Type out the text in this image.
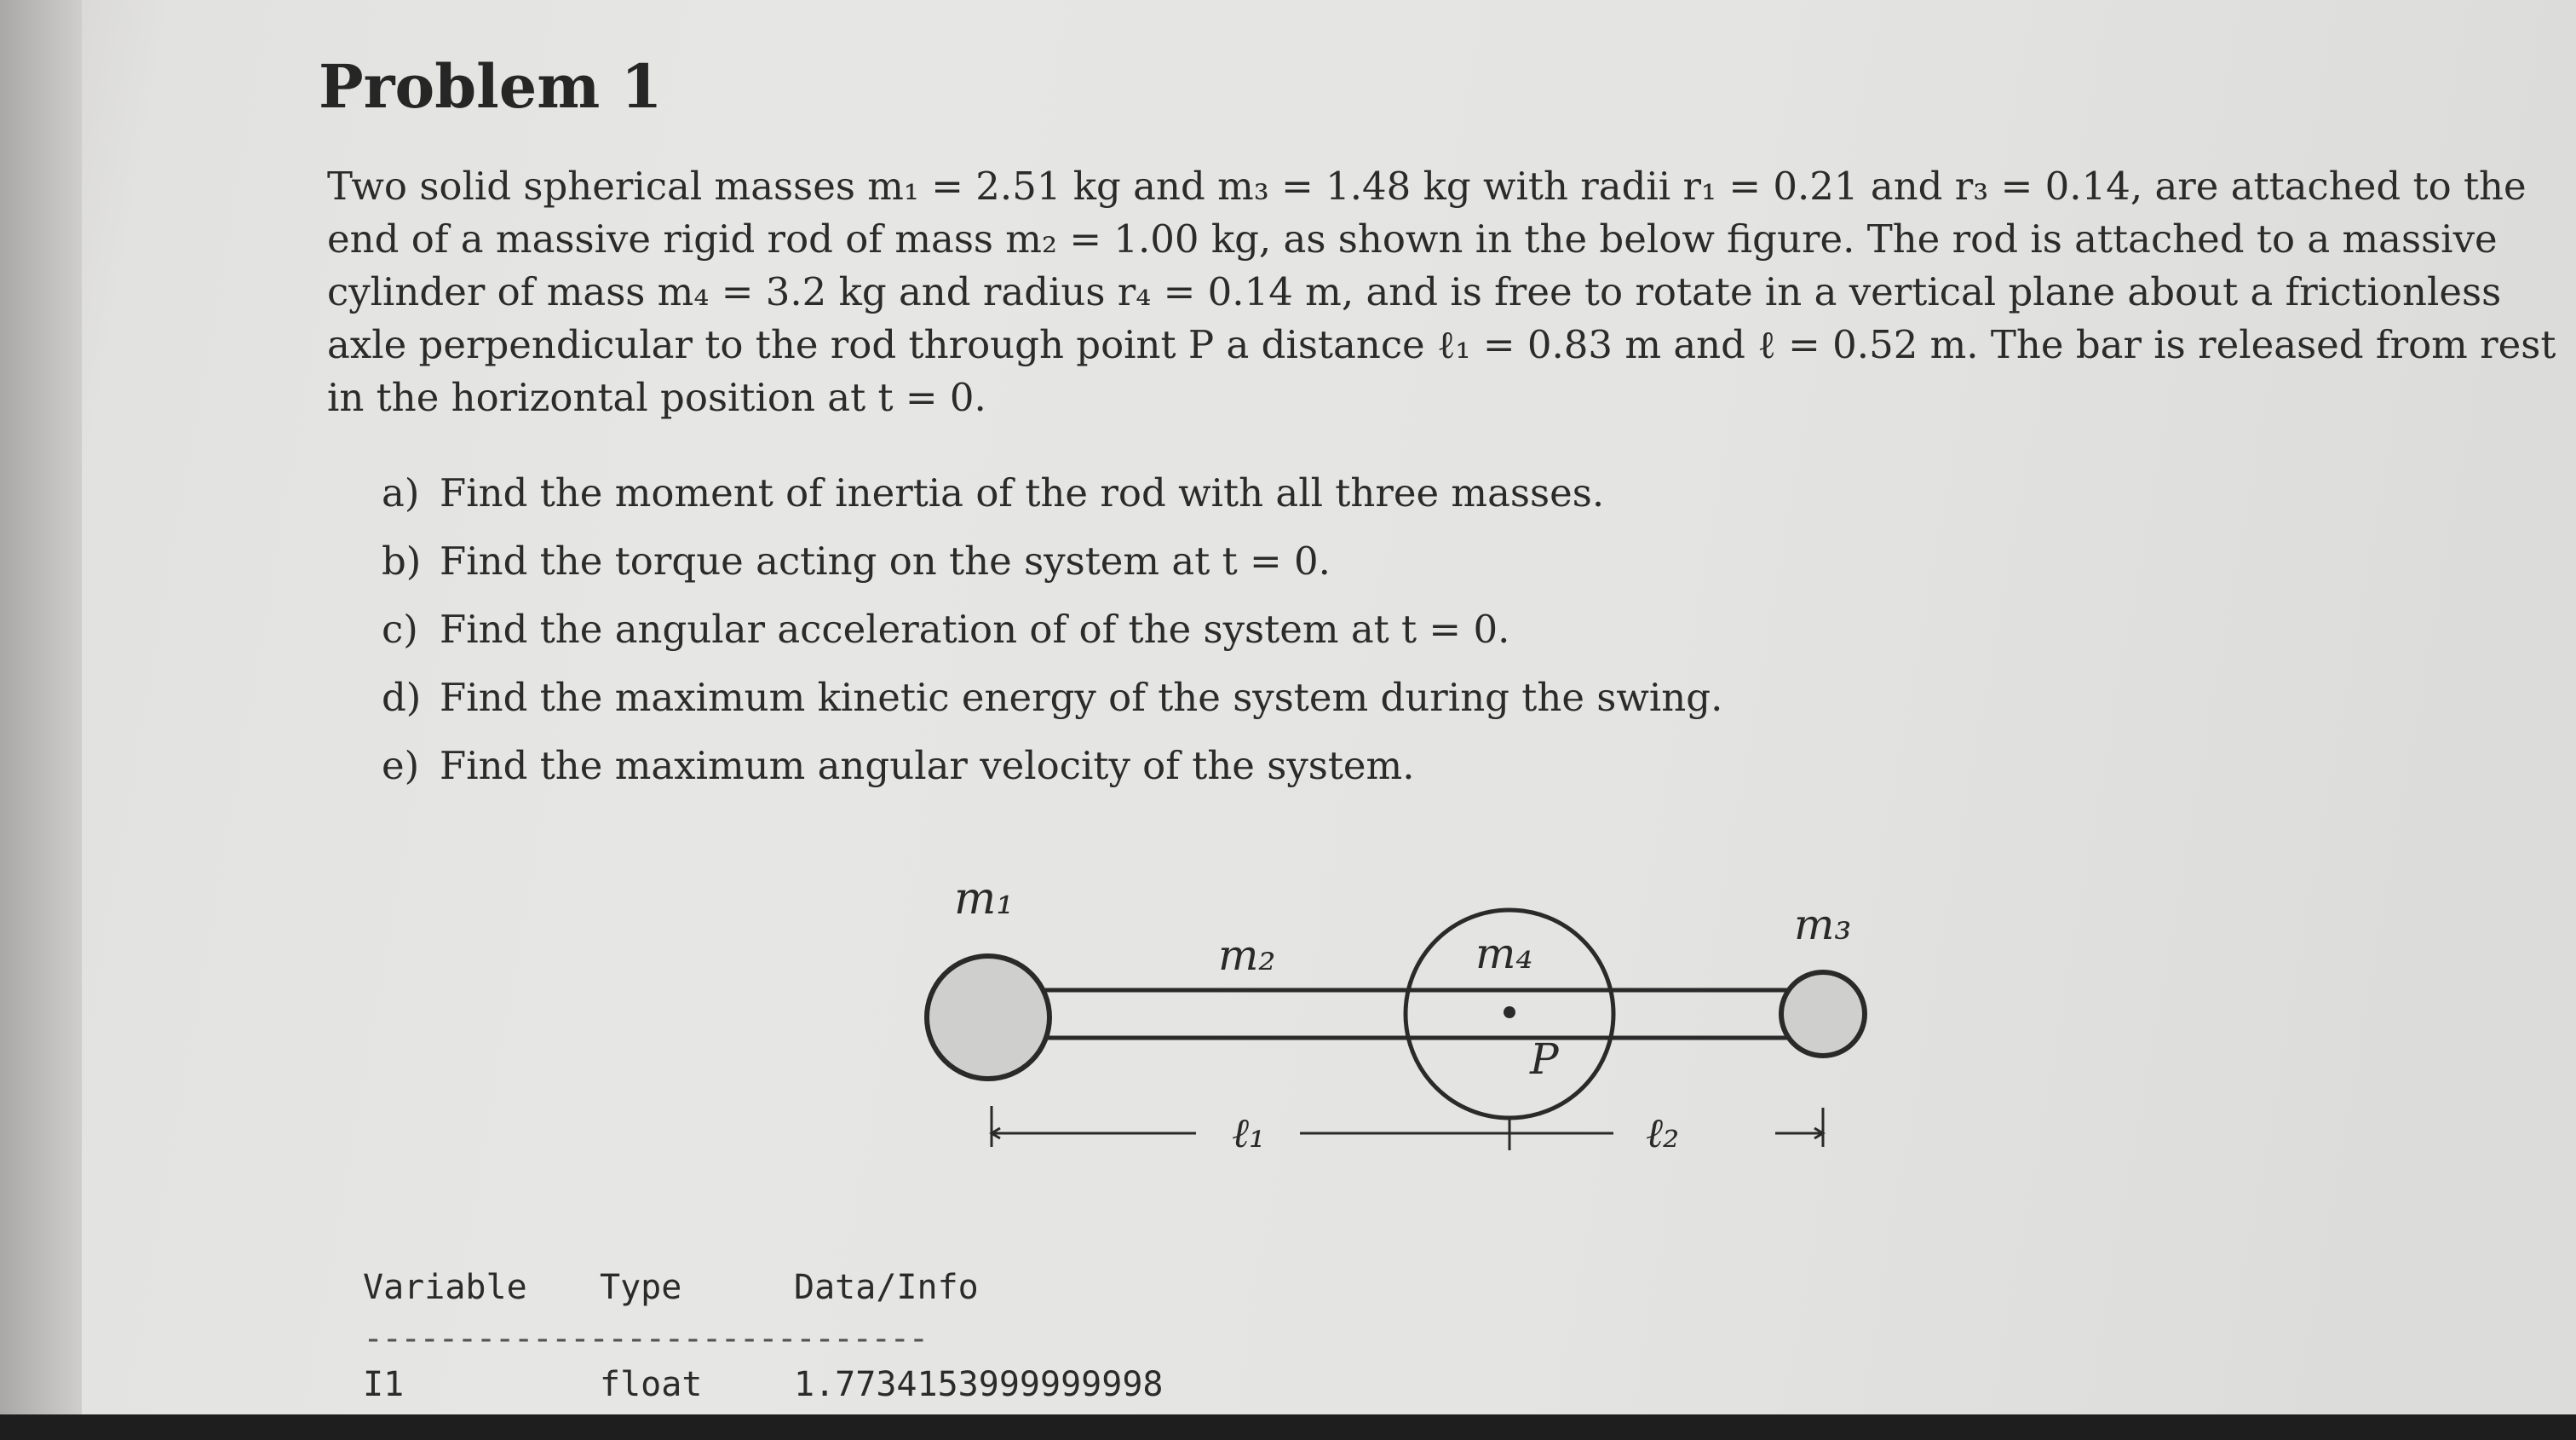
Problem 1

Two solid spherical masses m₁ = 2.51 kg and m₃ = 1.48 kg with radii r₁ = 0.21 and r₃ = 0.14, are attached to the
end of a massive rigid rod of mass m₂ = 1.00 kg, as shown in the below figure. The rod is attached to a massive
cylinder of mass m₄ = 3.2 kg and radius r₄ = 0.14 m, and is free to rotate in a vertical plane about a frictionless
axle perpendicular to the rod through point P a distance ℓ₁ = 0.83 m and ℓ = 0.52 m. The bar is released from rest
in the horizontal position at t = 0.

a) Find the moment of inertia of the rod with all three masses.
b) Find the torque acting on the system at t = 0.
c) Find the angular acceleration of of the system at t = 0.
d) Find the maximum kinetic energy of the system during the swing.
e) Find the maximum angular velocity of the system.
m₁
m₂	m₄
m₃
P
ℓ₁	ℓ₂
Variable Type	Data/Info
------------------------------
I1	float	1.7734153999999998
